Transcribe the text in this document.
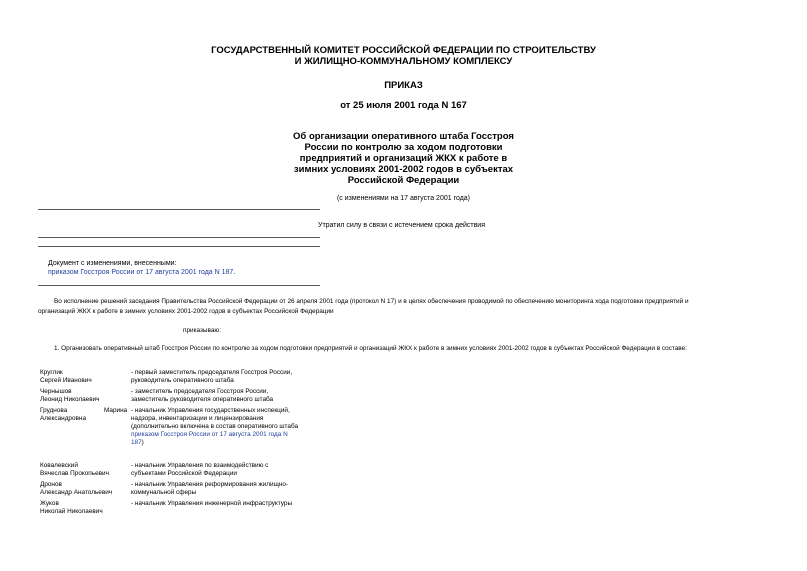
ГОСУДАРСТВЕННЫЙ КОМИТЕТ РОССИЙСКОЙ ФЕДЕРАЦИИ ПО СТРОИТЕЛЬСТВУ
И ЖИЛИЩНО-КОММУНАЛЬНОМУ КОМПЛЕКСУ
ПРИКАЗ
от 25 июля 2001 года N 167
Об организации оперативного штаба Госстроя
России по контролю за ходом подготовки
предприятий и организаций ЖКХ к работе в
зимних условиях 2001-2002 годов в субъектах
Российской Федерации
(с изменениями на 17 августа 2001 года)
Утратил силу в связи с истечением срока действия
Документ с изменениями, внесенными:
приказом Госстроя России от 17 августа 2001 года N 187.
Во исполнение решений заседания Правительства Российской Федерации от 26 апреля 2001 года (протокол N 17) и в целях обеспечения проводимой по обеспечению мониторинга хода подготовки предприятий и
организаций ЖКХ к работе в зимних условиях 2001-2002 годов в субъектах Российской Федерации
приказываю:
1. Организовать оперативный штаб Госстроя России по контролю за ходом подготовки предприятий и организаций ЖКХ к работе в зимних условиях 2001-2002 годов в субъектах Российской Федерации в составе:
Круглик
Сергей Иванович
- первый заместитель председателя Госстроя России,
руководитель оперативного штаба
Чернышов
Леонид Николаевич
- заместитель председателя Госстроя России,
заместитель руководителя оперативного штаба
Груднова	Марина
Александровна
- начальник Управления государственных инспекций,
надзора, инвентаризации и лицензирования
(дополнительно включена в состав оперативного штаба
приказом Госстроя России от 17 августа 2001 года N
187)
Ковалевский
Вячеслав Прокопьевич
- начальник Управления по взаимодействию с
субъектами Российской Федерации
Дронов
Александр Анатольевич
- начальник Управления реформирования жилищно-
коммунальной сферы
Жуков
Николай Николаевич
- начальник Управления инженерной инфраструктуры
